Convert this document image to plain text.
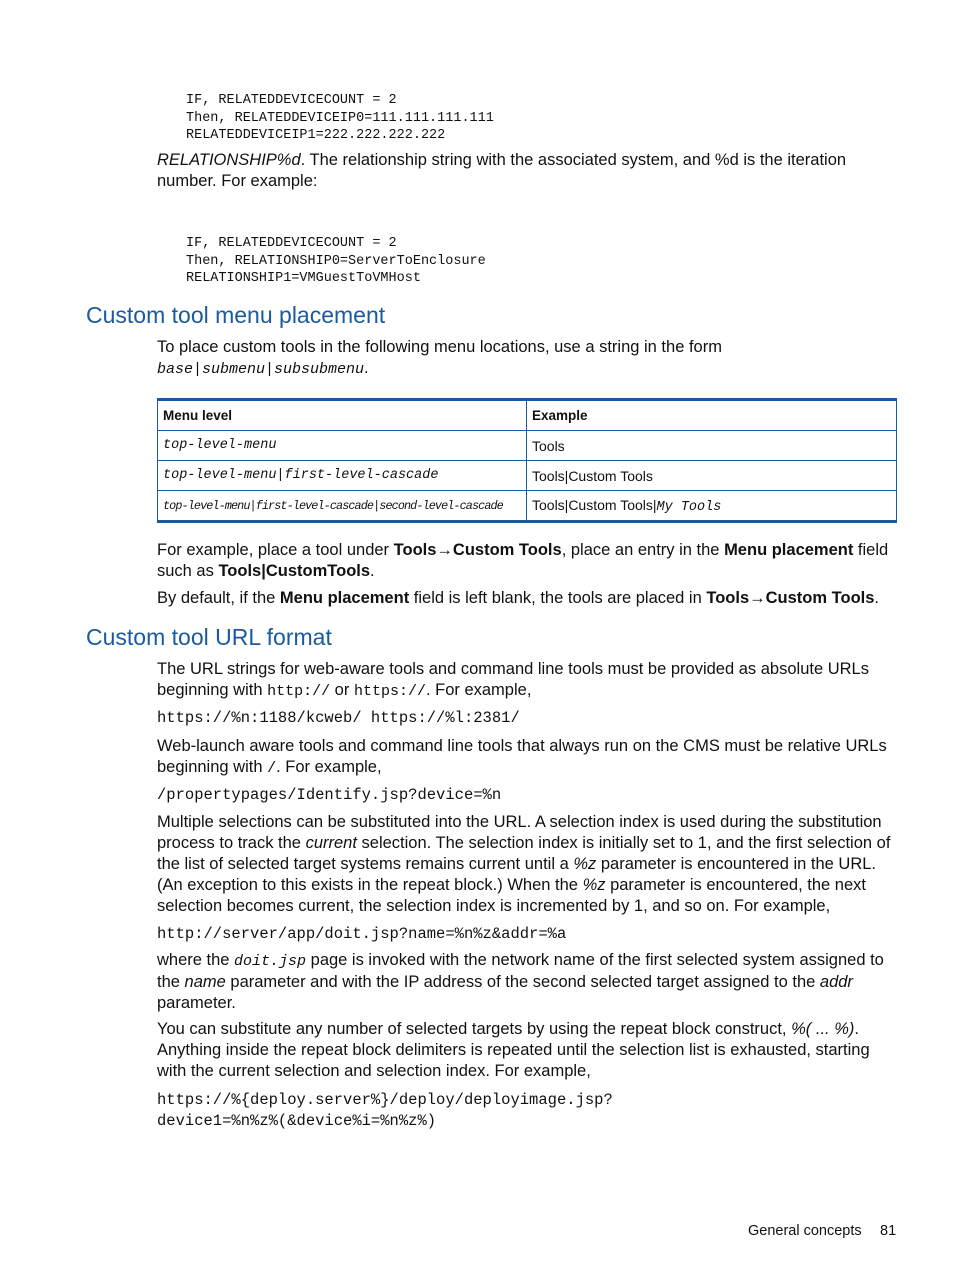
IF, RELATEDDEVICECOUNT = 2
Then, RELATEDDEVICEIP0=111.111.111.111
RELATEDDEVICEIP1=222.222.222.222
RELATIONSHIP%d. The relationship string with the associated system, and %d is the iteration number. For example:
IF, RELATEDDEVICECOUNT = 2
Then, RELATIONSHIP0=ServerToEnclosure
RELATIONSHIP1=VMGuestToVMHost
Custom tool menu placement
To place custom tools in the following menu locations, use a string in the form
base|submenu|subsubmenu.
Menu level	Example
top-level-menu	Tools
top-level-menu|first-level-cascade	Tools|Custom Tools
top-level-menu|first-level-cascade|second-level-cascade	Tools|Custom Tools|My Tools
For example, place a tool under Tools→Custom Tools, place an entry in the Menu placement field such as Tools|CustomTools.
By default, if the Menu placement field is left blank, the tools are placed in Tools→Custom Tools.
Custom tool URL format
The URL strings for web-aware tools and command line tools must be provided as absolute URLs beginning with http:// or https://. For example,
https://%n:1188/kcweb/ https://%l:2381/
Web-launch aware tools and command line tools that always run on the CMS must be relative URLs beginning with /. For example,
/propertypages/Identify.jsp?device=%n
Multiple selections can be substituted into the URL. A selection index is used during the substitution process to track the current selection. The selection index is initially set to 1, and the first selection of the list of selected target systems remains current until a %z parameter is encountered in the URL. (An exception to this exists in the repeat block.) When the %z parameter is encountered, the next selection becomes current, the selection index is incremented by 1, and so on. For example,
http://server/app/doit.jsp?name=%n%z&addr=%a
where the doit.jsp page is invoked with the network name of the first selected system assigned to the name parameter and with the IP address of the second selected target assigned to the addr parameter.
You can substitute any number of selected targets by using the repeat block construct, %( ... %). Anything inside the repeat block delimiters is repeated until the selection list is exhausted, starting with the current selection and selection index. For example,
https://%{deploy.server%}/deploy/deployimage.jsp?
device1=%n%z%(&device%i=%n%z%)
General concepts 81
